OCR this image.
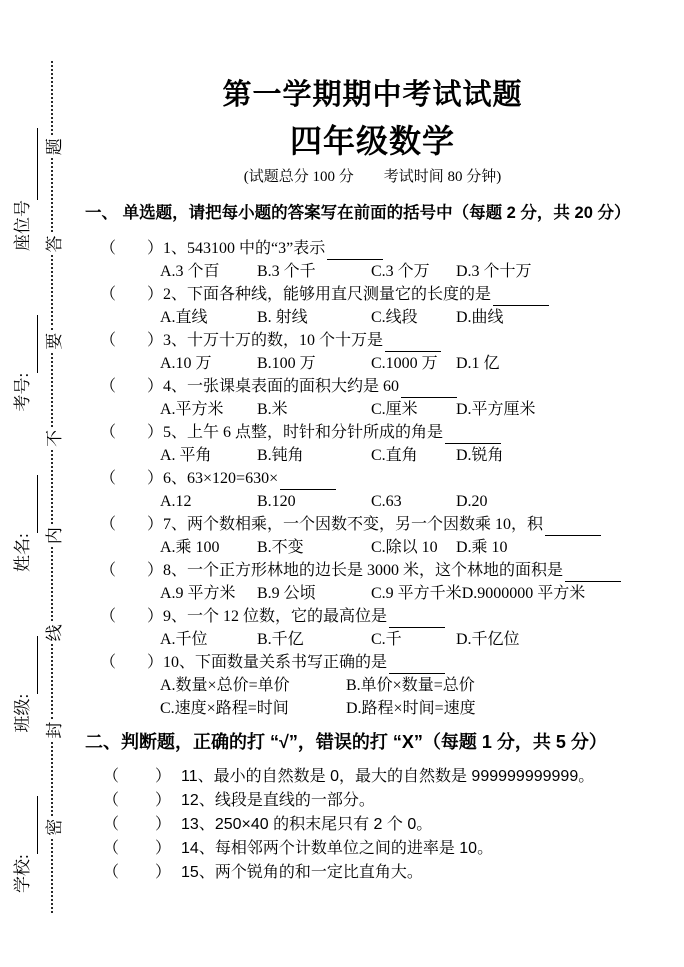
学校:
班级:
姓名:
考号:
座位号
密
封
线
内
不
要
答
题
第一学期期中考试试题
四年级数学
(试题总分 100 分　　考试时间 80 分钟)
一、 单选题，请把每小题的答案写在前面的括号中（每题 2 分，共 20 分）
（ ） 1、543100 中的“3”表示
A.3 个百	B.3 个千	C.3 个万	D.3 个十万
（ ） 2、下面各种线，能够用直尺测量它的长度的是
A.直线	B. 射线	C.线段	D.曲线
（ ） 3、十万十万的数，10 个十万是
A.10 万	B.100 万	C.1000 万	D.1 亿
（ ） 4、一张课桌表面的面积大约是 60
A.平方米	B.米	C.厘米	D.平方厘米
（ ） 5、上午 6 点整，时针和分针所成的角是
A. 平角	B.钝角	C.直角	D.锐角
（ ） 6、63×120=630×
A.12	B.120	C.63	D.20
（ ） 7、两个数相乘，一个因数不变，另一个因数乘 10，积
A.乘 100	B.不变	C.除以 10	D.乘 10
（ ） 8、一个正方形林地的边长是 3000 米，这个林地的面积是
A.9 平方米	B.9 公顷	C.9 平方千米 D.9000000 平方米
（ ） 9、一个 12 位数，它的最高位是
A.千位	B.千亿	C.千	D.千亿位
（ ） 10、下面数量关系书写正确的是
A.数量×总价=单价	B.单价×数量=总价
C.速度×路程=时间	D.路程×时间=速度
二、判断题，正确的打 “√”，错误的打 “X”（每题 1 分，共 5 分）
（ ） 11、最小的自然数是 0，最大的自然数是 999999999999。
（ ） 12、线段是直线的一部分。
（ ） 13、250×40 的积末尾只有 2 个 0。
（ ） 14、每相邻两个计数单位之间的进率是 10。
（ ） 15、两个锐角的和一定比直角大。
